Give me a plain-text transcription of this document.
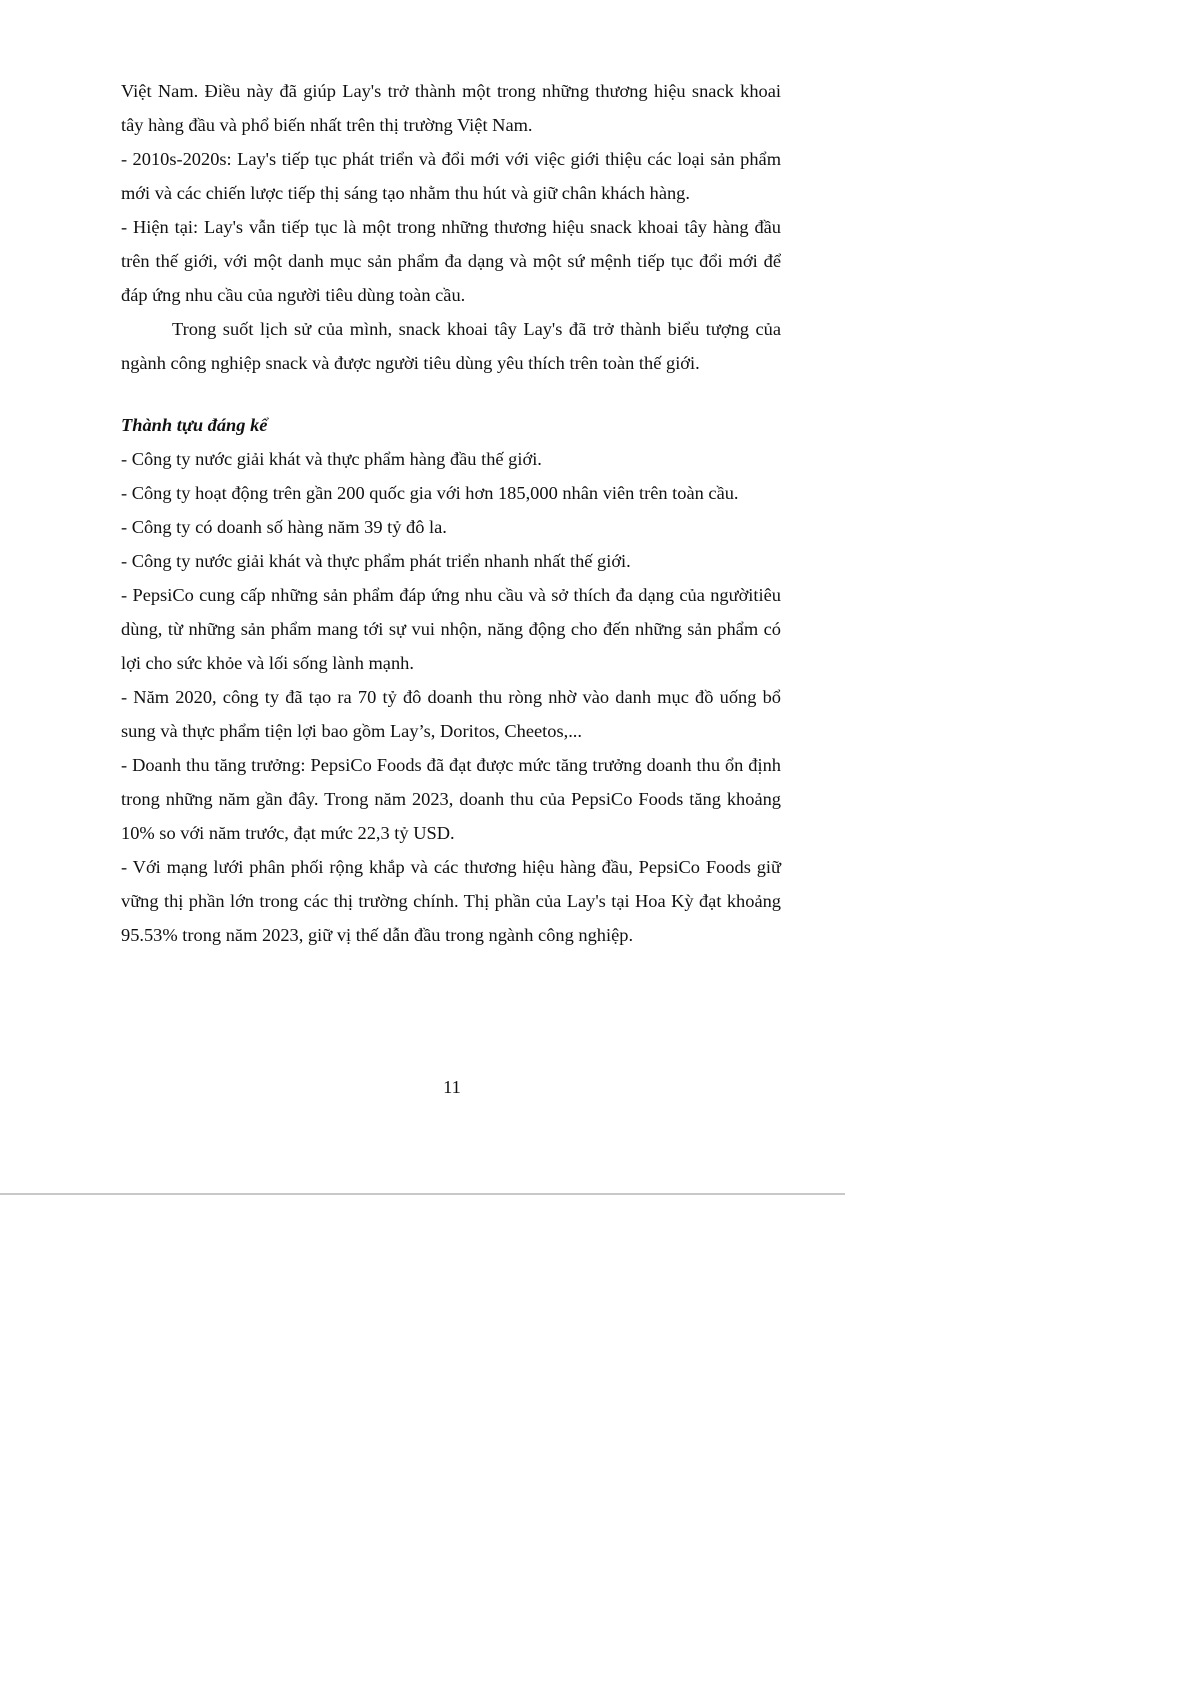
Việt Nam. Điều này đã giúp Lay's trở thành một trong những thương hiệu snack khoai tây hàng đầu và phổ biến nhất trên thị trường Việt Nam.

- 2010s-2020s: Lay's tiếp tục phát triển và đổi mới với việc giới thiệu các loại sản phẩm mới và các chiến lược tiếp thị sáng tạo nhằm thu hút và giữ chân khách hàng.

- Hiện tại: Lay's vẫn tiếp tục là một trong những thương hiệu snack khoai tây hàng đầu trên thế giới, với một danh mục sản phẩm đa dạng và một sứ mệnh tiếp tục đổi mới để đáp ứng nhu cầu của người tiêu dùng toàn cầu.

Trong suốt lịch sử của mình, snack khoai tây Lay's đã trở thành biểu tượng của ngành công nghiệp snack và được người tiêu dùng yêu thích trên toàn thế giới.

Thành tựu đáng kể

- Công ty nước giải khát và thực phẩm hàng đầu thế giới.

- Công ty hoạt động trên gần 200 quốc gia với hơn 185,000 nhân viên trên toàn cầu.

- Công ty có doanh số hàng năm 39 tỷ đô la.

- Công ty nước giải khát và thực phẩm phát triển nhanh nhất thế giới.

- PepsiCo cung cấp những sản phẩm đáp ứng nhu cầu và sở thích đa dạng của ngườitiêu dùng, từ những sản phẩm mang tới sự vui nhộn, năng động cho đến những sản phẩm có lợi cho sức khỏe và lối sống lành mạnh.

- Năm 2020, công ty đã tạo ra 70 tỷ đô doanh thu ròng nhờ vào danh mục đồ uống bổ sung và thực phẩm tiện lợi bao gồm Lay’s, Doritos, Cheetos,...

- Doanh thu tăng trưởng: PepsiCo Foods đã đạt được mức tăng trưởng doanh thu ổn định trong những năm gần đây. Trong năm 2023, doanh thu của PepsiCo Foods tăng khoảng 10% so với năm trước, đạt mức 22,3 tỷ USD.

- Với mạng lưới phân phối rộng khắp và các thương hiệu hàng đầu, PepsiCo Foods giữ vững thị phần lớn trong các thị trường chính. Thị phần của Lay's tại Hoa Kỳ đạt khoảng 95.53% trong năm 2023, giữ vị thế dẫn đầu trong ngành công nghiệp.

11
